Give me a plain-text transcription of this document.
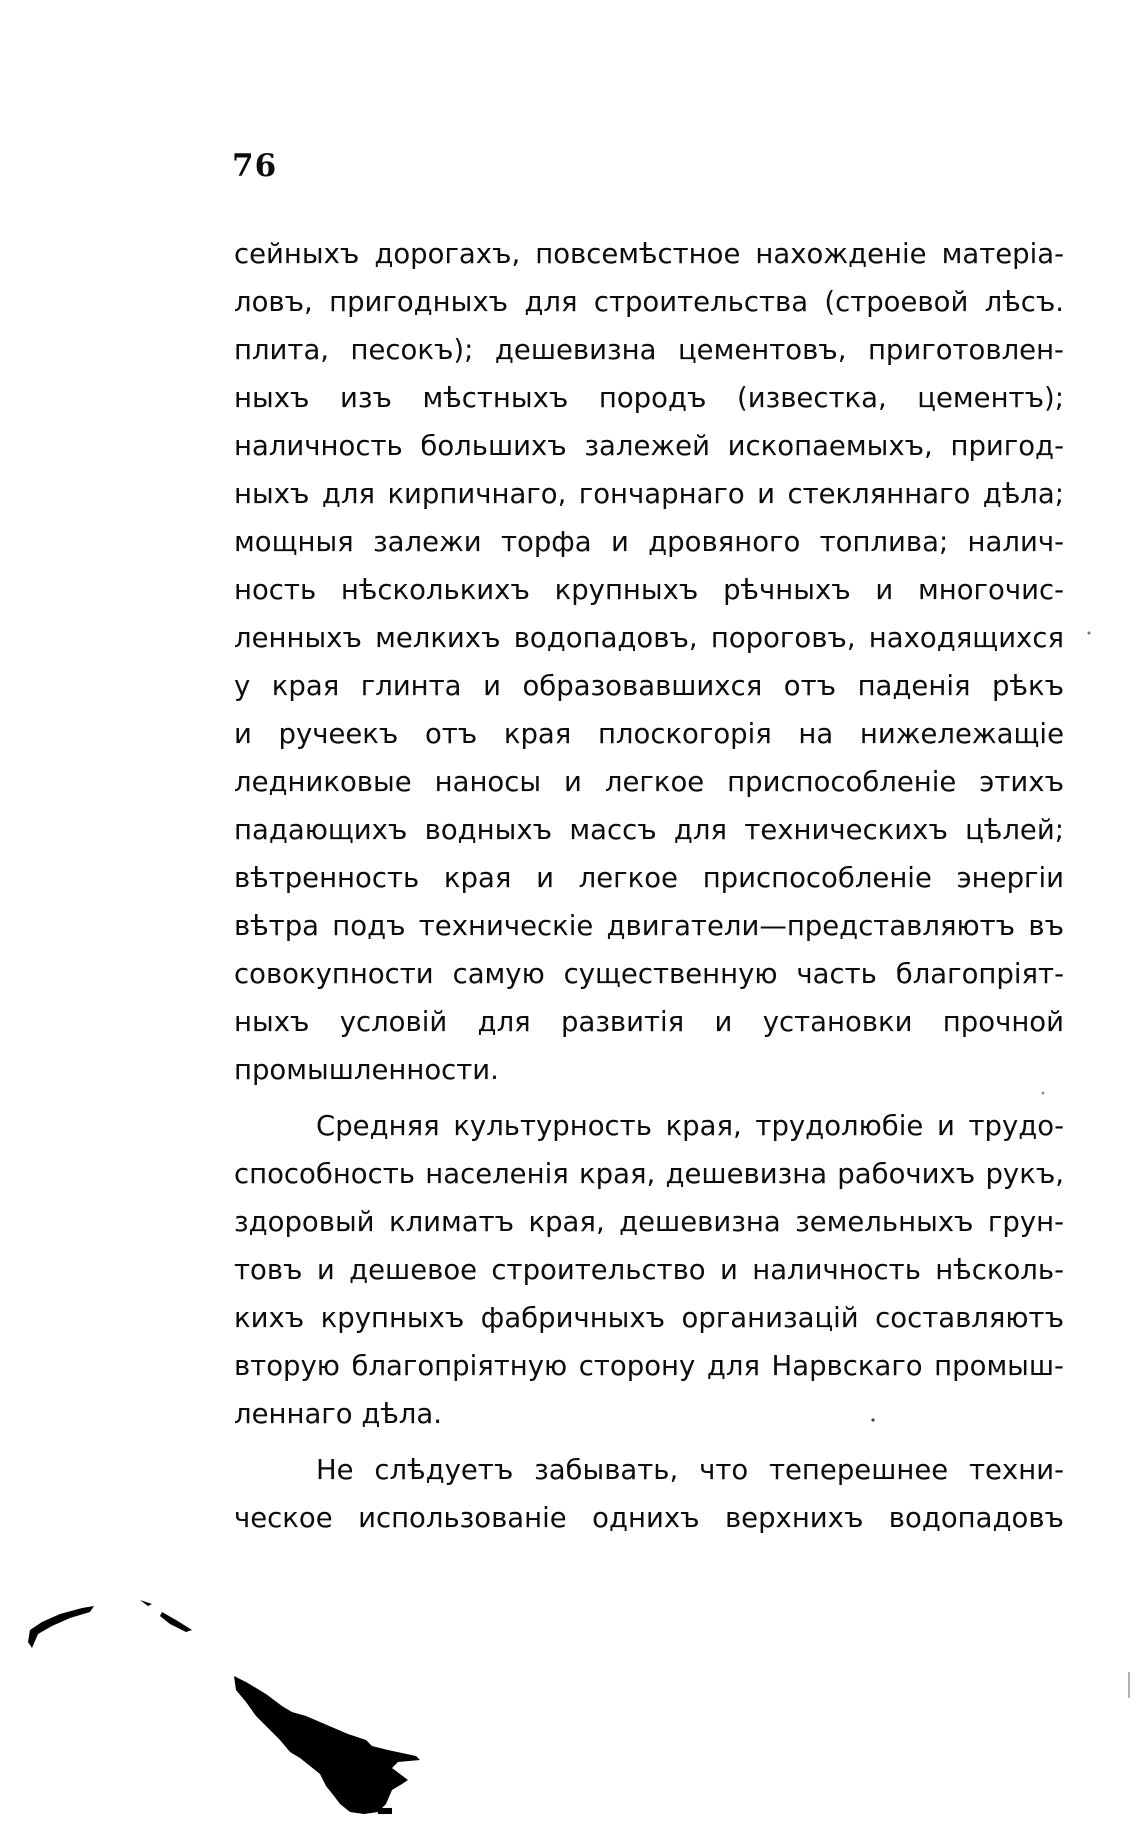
76
сейныхъ дорогахъ, повсемѣстное нахожденіе матеріа-
ловъ, пригодныхъ для строительства (строевой лѣсъ.
плита, песокъ); дешевизна цементовъ, приготовлен-
ныхъ изъ мѣстныхъ породъ (известка, цементъ);
наличность большихъ залежей ископаемыхъ, пригод-
ныхъ для кирпичнаго, гончарнаго и стекляннаго дѣла;
мощныя залежи торфа и дровяного топлива; налич-
ность нѣсколькихъ крупныхъ рѣчныхъ и многочис-
ленныхъ мелкихъ водопадовъ, пороговъ, находящихся
у края глинта и образовавшихся отъ паденія рѣкъ
и ручеекъ отъ края плоскогорія на нижележащіе
ледниковые наносы и легкое приспособленіе этихъ
падающихъ водныхъ массъ для техническихъ цѣлей;
вѣтренность края и легкое приспособленіе энергіи
вѣтра подъ техническіе двигатели—представляютъ въ
совокупности самую существенную часть благопріят-
ныхъ условій для развитія и установки прочной
промышленности.
Средняя культурность края, трудолюбіе и трудо-
способность населенія края, дешевизна рабочихъ рукъ,
здоровый климатъ края, дешевизна земельныхъ грун-
товъ и дешевое строительство и наличность нѣсколь-
кихъ крупныхъ фабричныхъ организацій составляютъ
вторую благопріятную сторону для Нарвскаго промыш-
леннаго дѣла.
Не слѣдуетъ забывать, что теперешнее техни-
ческое использованіе однихъ верхнихъ водопадовъ
